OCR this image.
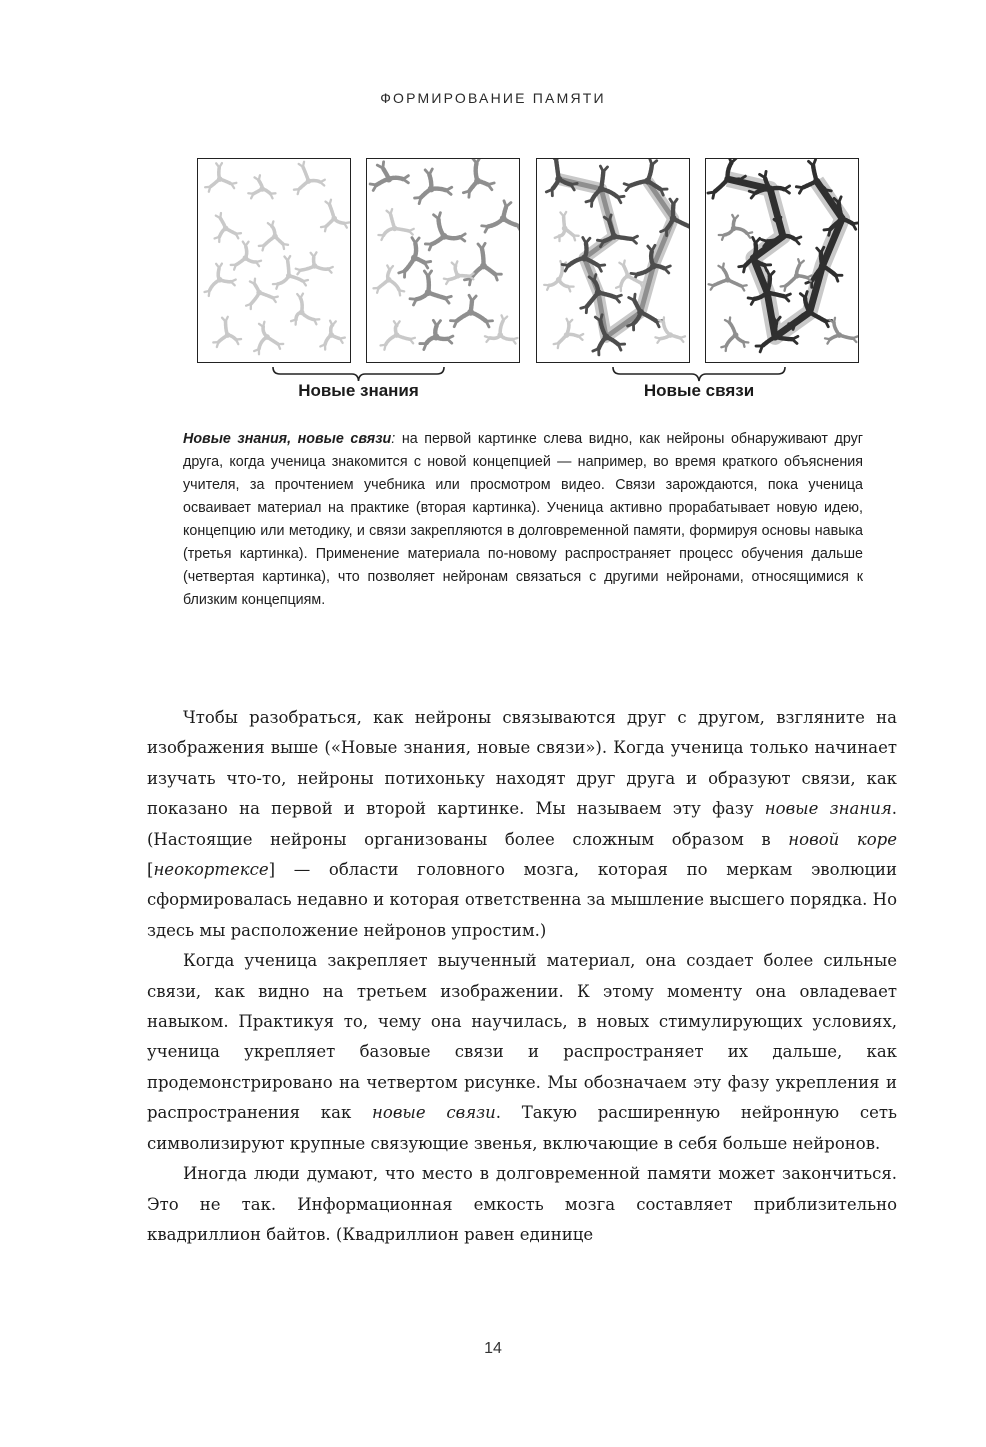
ФОРМИРОВАНИЕ ПАМЯТИ
Новые знания	Новые связи
Новые знания, новые связи: на первой картинке слева видно, как нейроны обнаруживают друг друга, когда ученица знакомится с новой концепцией — например, во время краткого объяснения учителя, за прочтением учебника или просмотром видео. Связи зарождаются, пока ученица осваивает материал на практике (вторая картинка). Ученица активно прорабатывает новую идею, концепцию или методику, и связи закрепляются в долговременной памяти, формируя основы навыка (третья картинка). Применение материала по-новому распространяет процесс обучения дальше (четвертая картинка), что позволяет нейронам связаться с другими нейронами, относящимися к близким концепциям.

Чтобы разобраться, как нейроны связываются друг с другом, взгляните на изображения выше («Новые знания, новые связи»). Когда ученица только начинает изучать что-то, нейроны потихоньку находят друг друга и образуют связи, как показано на первой и второй картинке. Мы называем эту фазу новые знания. (Настоящие нейроны организованы более сложным образом в новой коре [неокортексе] — области головного мозга, которая по меркам эволюции сформировалась недавно и которая ответственна за мышление высшего порядка. Но здесь мы расположение нейронов упростим.)

Когда ученица закрепляет выученный материал, она создает более сильные связи, как видно на третьем изображении. К этому моменту она овладевает навыком. Практикуя то, чему она научилась, в новых стимулирующих условиях, ученица укрепляет базовые связи и распространяет их дальше, как продемонстрировано на четвертом рисунке. Мы обозначаем эту фазу укрепления и распространения как новые связи. Такую расширенную нейронную сеть символизируют крупные связующие звенья, включающие в себя больше нейронов.

Иногда люди думают, что место в долговременной памяти может закончиться. Это не так. Информационная емкость мозга составляет приблизительно квадриллион байтов. (Квадриллион равен единице

14
